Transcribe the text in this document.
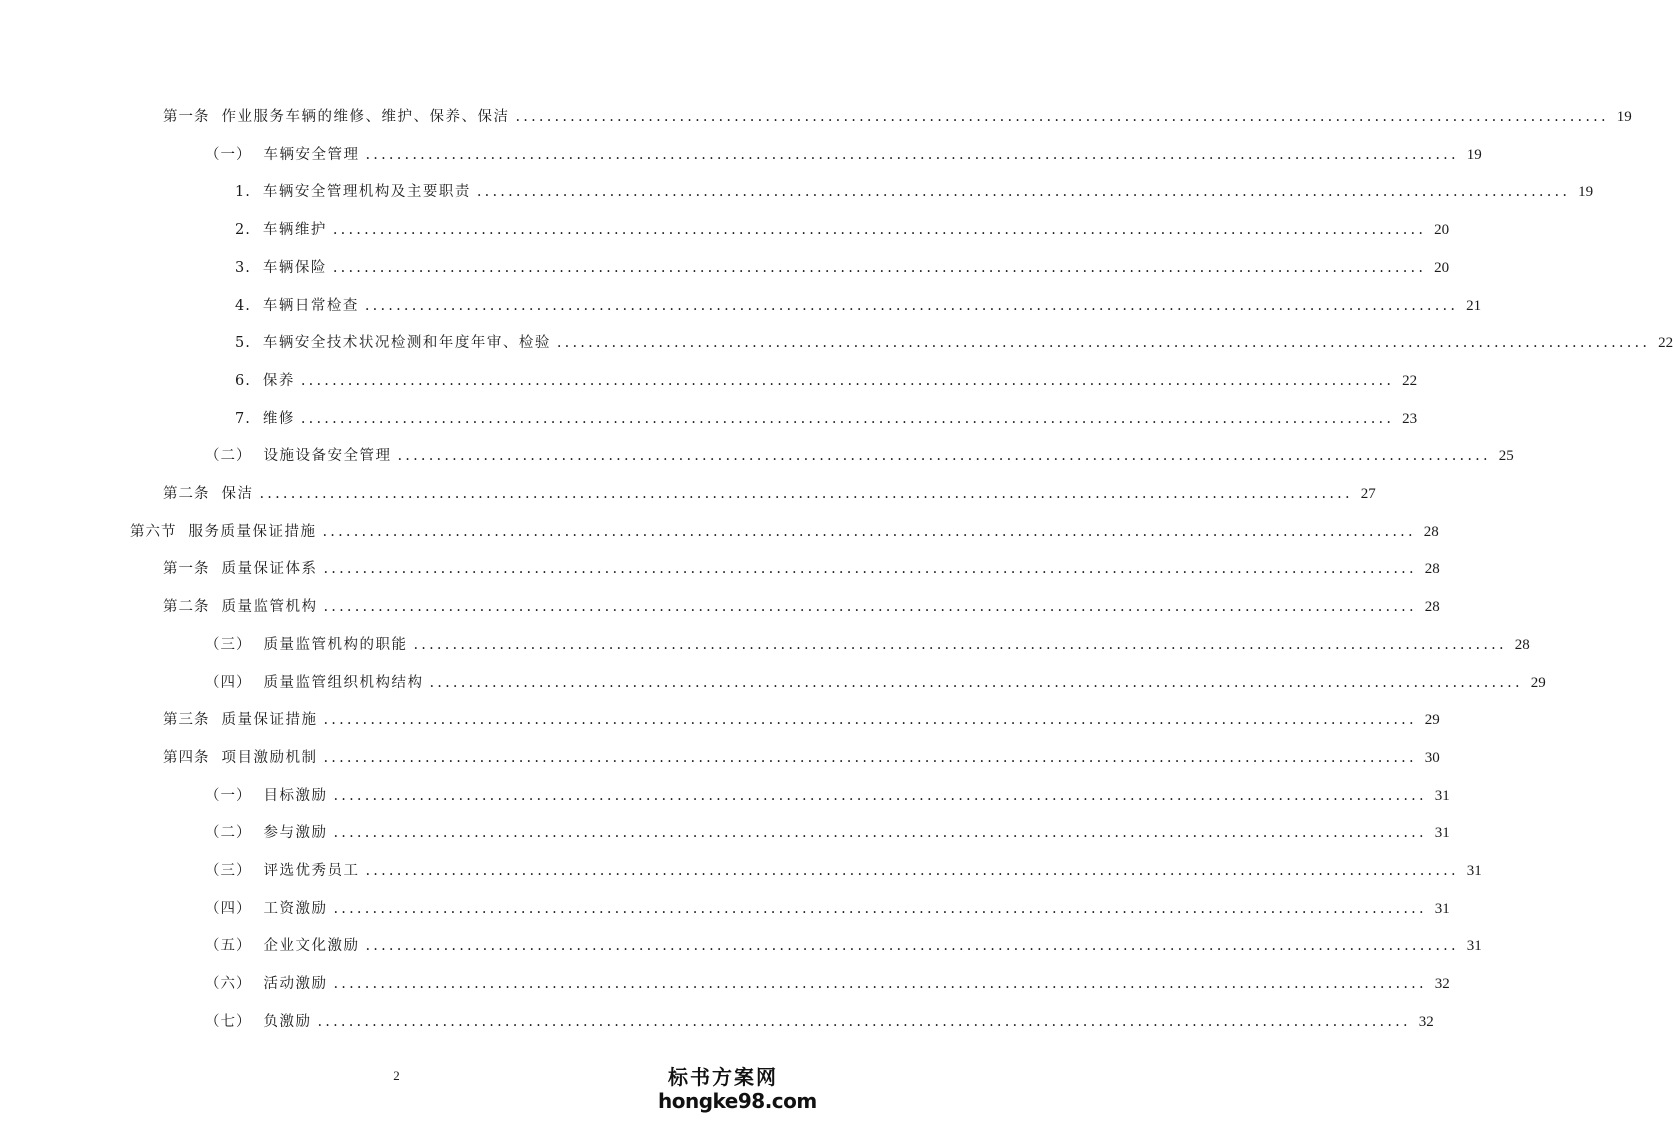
第一条 作业服务车辆的维修、维护、保养、保洁 ............................................................................................................................................ 19
（一） 车辆安全管理 ............................................................................................................................................ 19
1. 车辆安全管理机构及主要职责 ............................................................................................................................................ 19
2. 车辆维护 ............................................................................................................................................ 20
3. 车辆保险 ............................................................................................................................................ 20
4. 车辆日常检查 ............................................................................................................................................ 21
5. 车辆安全技术状况检测和年度年审、检验 ............................................................................................................................................ 22
6. 保养 ............................................................................................................................................ 22
7. 维修 ............................................................................................................................................ 23
（二） 设施设备安全管理 ............................................................................................................................................ 25
第二条 保洁 ............................................................................................................................................ 27
第六节 服务质量保证措施 ............................................................................................................................................ 28
第一条 质量保证体系 ............................................................................................................................................ 28
第二条 质量监管机构 ............................................................................................................................................ 28
（三） 质量监管机构的职能 ............................................................................................................................................ 28
（四） 质量监管组织机构结构 ............................................................................................................................................ 29
第三条 质量保证措施 ............................................................................................................................................ 29
第四条 项目激励机制 ............................................................................................................................................ 30
（一） 目标激励 ............................................................................................................................................ 31
（二） 参与激励 ............................................................................................................................................ 31
（三） 评选优秀员工 ............................................................................................................................................ 31
（四） 工资激励 ............................................................................................................................................ 31
（五） 企业文化激励 ............................................................................................................................................ 31
（六） 活动激励 ............................................................................................................................................ 32
（七） 负激励 ............................................................................................................................................ 32
2	标书方案网
hongke98.com
